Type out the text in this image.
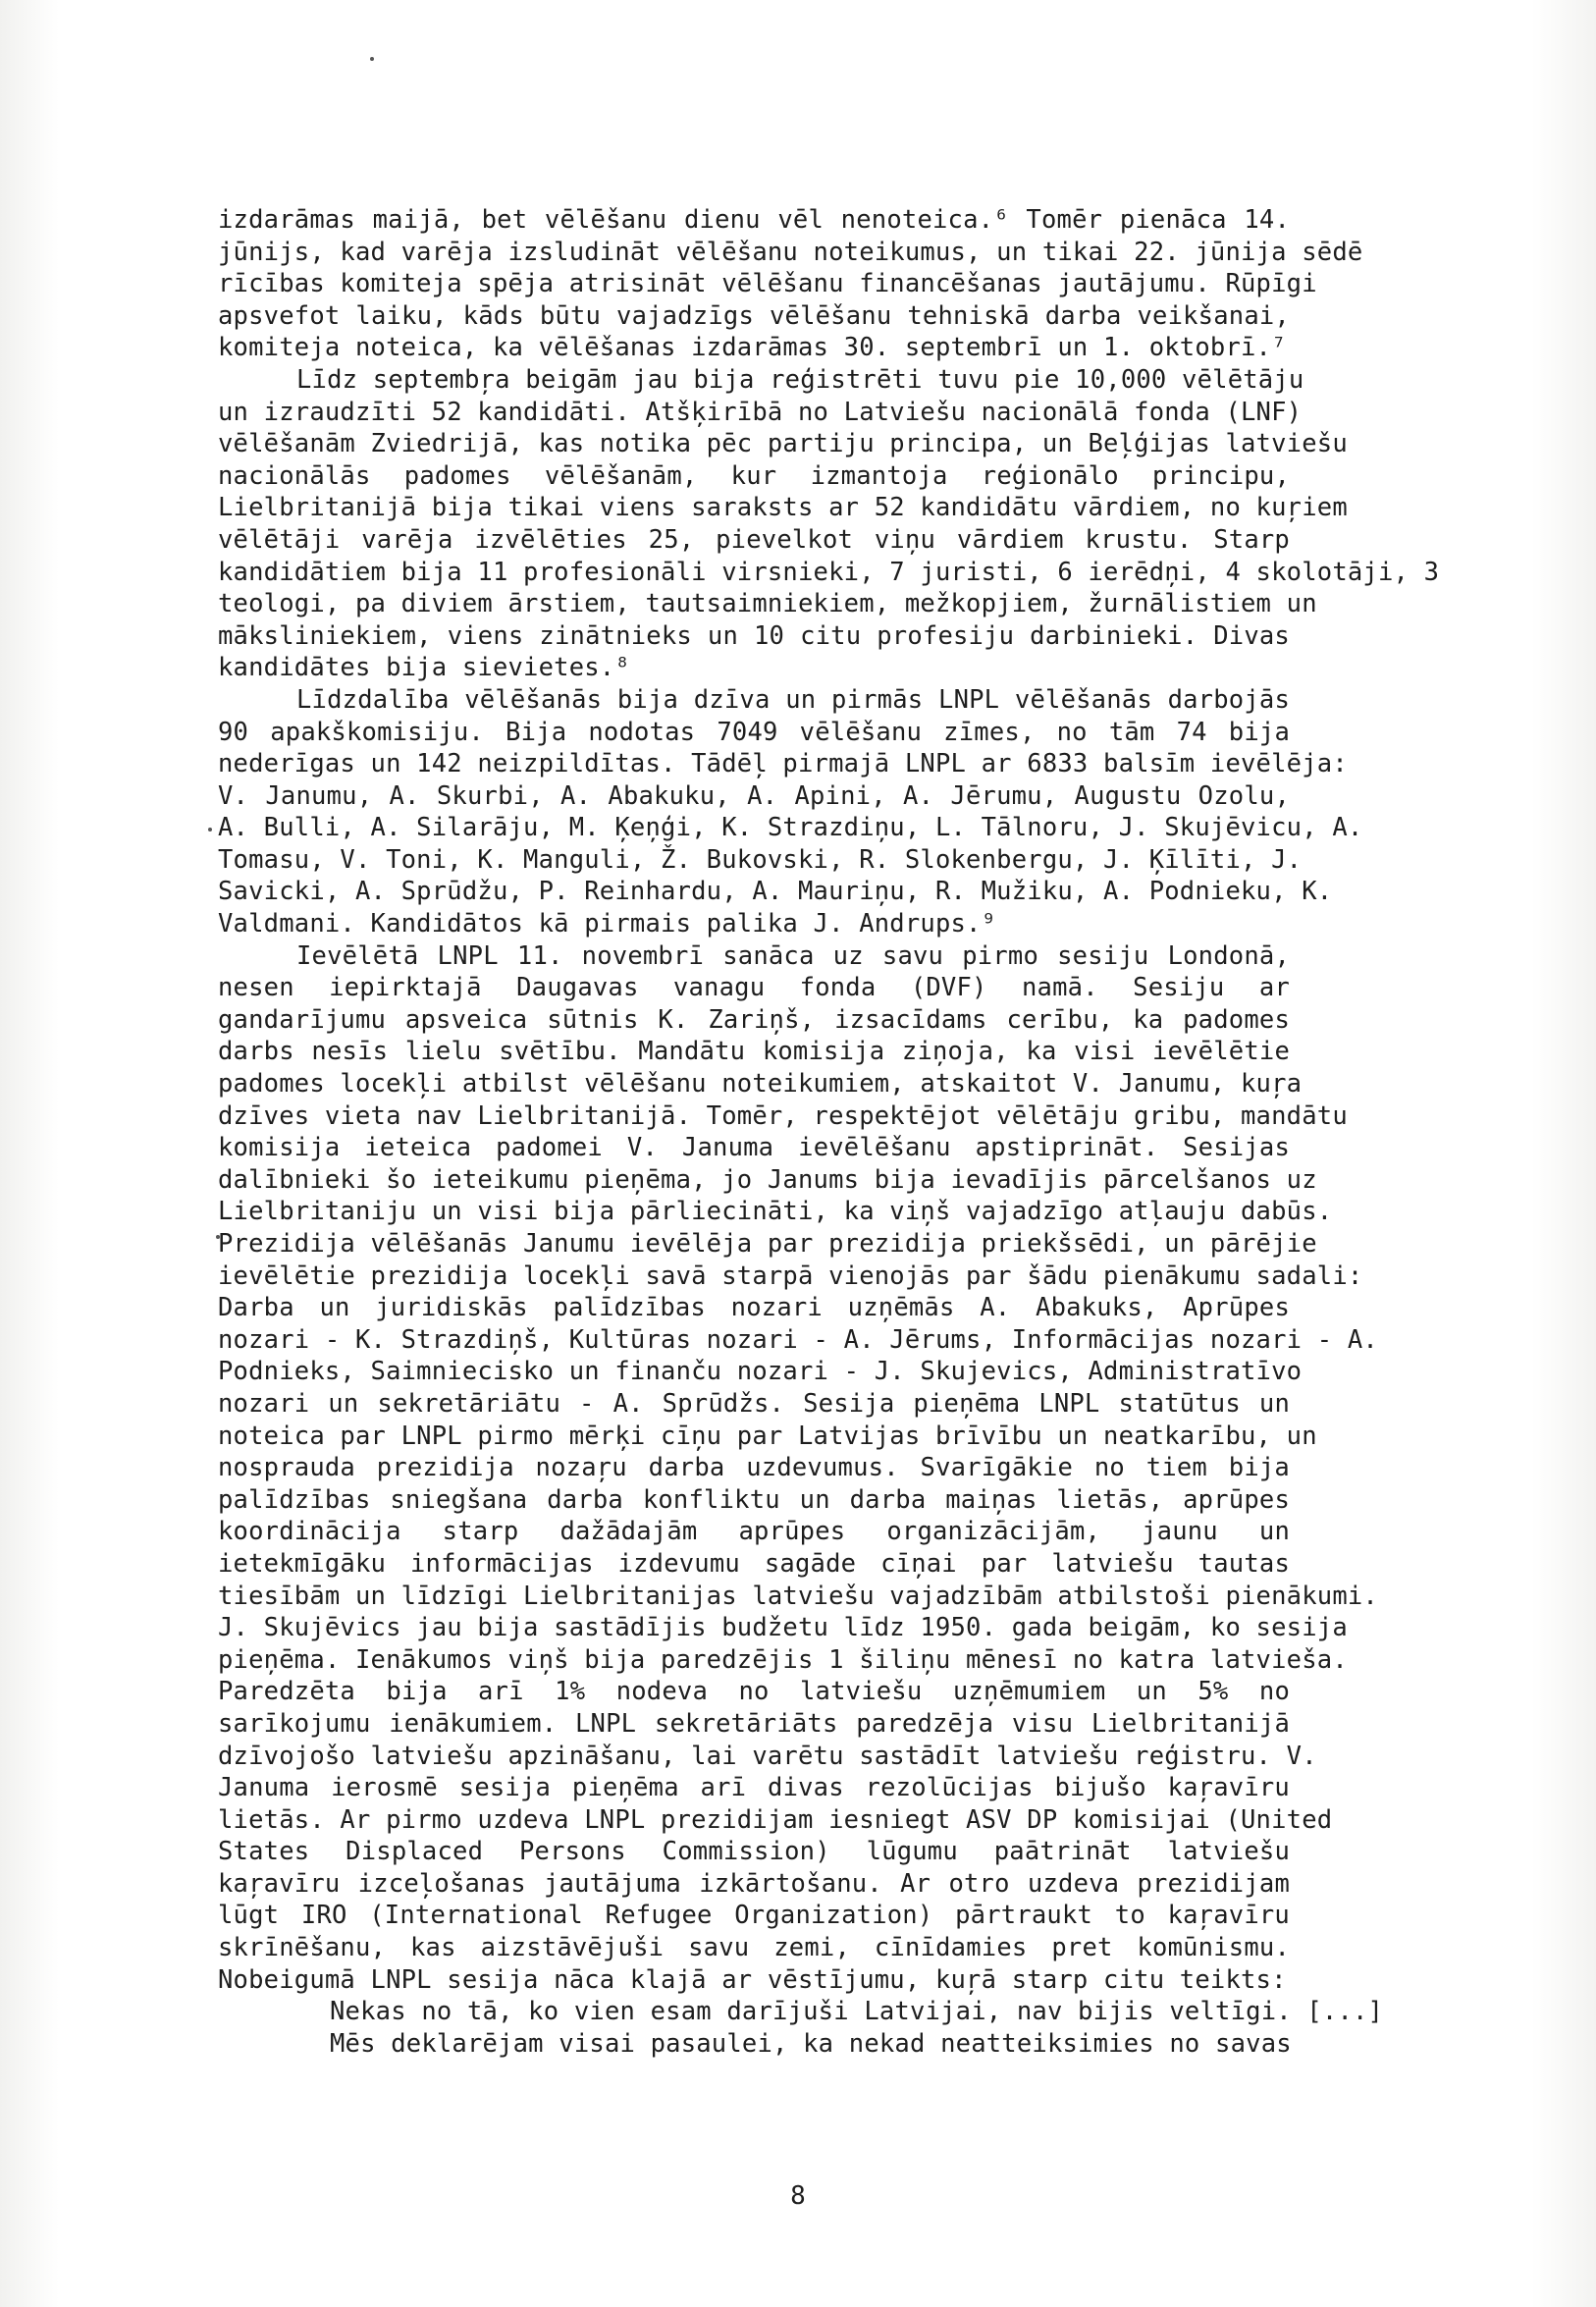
izdarāmas maijā, bet vēlēšanu dienu vēl nenoteica.⁶ Tomēr pienāca 14.
jūnijs, kad varēja izsludināt vēlēšanu noteikumus, un tikai 22. jūnija sēdē
rīcības komiteja spēja atrisināt vēlēšanu financēšanas jautājumu. Rūpīgi
apsvefot laiku, kāds būtu vajadzīgs vēlēšanu tehniskā darba veikšanai,
komiteja noteica, ka vēlēšanas izdarāmas 30. septembrī un 1. oktobrī.⁷

Līdz septembŗa beigām jau bija reģistrēti tuvu pie 10,000 vēlētāju
un izraudzīti 52 kandidāti. Atšķirībā no Latviešu nacionālā fonda (LNF)
vēlēšanām Zviedrijā, kas notika pēc partiju principa, un Beļģijas latviešu
nacionālās padomes vēlēšanām, kur izmantoja reģionālo principu,
Lielbritanijā bija tikai viens saraksts ar 52 kandidātu vārdiem, no kuŗiem
vēlētāji varēja izvēlēties 25, pievelkot viņu vārdiem krustu. Starp
kandidātiem bija 11 profesionāli virsnieki, 7 juristi, 6 ierēdņi, 4 skolotāji, 3
teologi, pa diviem ārstiem, tautsaimniekiem, mežkopjiem, žurnālistiem un
māksliniekiem, viens zinātnieks un 10 citu profesiju darbinieki. Divas
kandidātes bija sievietes.⁸

Līdzdalība vēlēšanās bija dzīva un pirmās LNPL vēlēšanās darbojās
90 apakškomisiju. Bija nodotas 7049 vēlēšanu zīmes, no tām 74 bija
nederīgas un 142 neizpildītas. Tādēļ pirmajā LNPL ar 6833 balsīm ievēlēja:
V. Janumu, A. Skurbi, A. Abakuku, A. Apini, A. Jērumu, Augustu Ozolu,
A. Bulli, A. Silarāju, M. Ķeņģi, K. Strazdiņu, L. Tālnoru, J. Skujēvicu, A.
Tomasu, V. Toni, K. Manguli, Ž. Bukovski, R. Slokenbergu, J. Ķīlīti, J.
Savicki, A. Sprūdžu, P. Reinhardu, A. Mauriņu, R. Mužiku, A. Podnieku, K.
Valdmani. Kandidātos kā pirmais palika J. Andrups.⁹

Ievēlētā LNPL 11. novembrī sanāca uz savu pirmo sesiju Londonā,
nesen iepirktajā Daugavas vanagu fonda (DVF) namā. Sesiju ar
gandarījumu apsveica sūtnis K. Zariņš, izsacīdams cerību, ka padomes
darbs nesīs lielu svētību. Mandātu komisija ziņoja, ka visi ievēlētie
padomes locekļi atbilst vēlēšanu noteikumiem, atskaitot V. Janumu, kuŗa
dzīves vieta nav Lielbritanijā. Tomēr, respektējot vēlētāju gribu, mandātu
komisija ieteica padomei V. Januma ievēlēšanu apstiprināt. Sesijas
dalībnieki šo ieteikumu pieņēma, jo Janums bija ievadījis pārcelšanos uz
Lielbritaniju un visi bija pārliecināti, ka viņš vajadzīgo atļauju dabūs.
Prezidija vēlēšanās Janumu ievēlēja par prezidija priekšsēdi, un pārējie
ievēlētie prezidija locekļi savā starpā vienojās par šādu pienākumu sadali:
Darba un juridiskās palīdzības nozari uzņēmās A. Abakuks, Aprūpes
nozari - K. Strazdiņš, Kultūras nozari - A. Jērums, Informācijas nozari - A.
Podnieks, Saimniecisko un finanču nozari - J. Skujevics, Administratīvo
nozari un sekretāriātu - A. Sprūdžs. Sesija pieņēma LNPL statūtus un
noteica par LNPL pirmo mērķi cīņu par Latvijas brīvību un neatkarību, un
nosprauda prezidija nozaŗu darba uzdevumus. Svarīgākie no tiem bija
palīdzības sniegšana darba konfliktu un darba maiņas lietās, aprūpes
koordinācija starp dažādajām aprūpes organizācijām, jaunu un
ietekmīgāku informācijas izdevumu sagāde cīņai par latviešu tautas
tiesībām un līdzīgi Lielbritanijas latviešu vajadzībām atbilstoši pienākumi.
J. Skujēvics jau bija sastādījis budžetu līdz 1950. gada beigām, ko sesija
pieņēma. Ienākumos viņš bija paredzējis 1 šiliņu mēnesī no katra latvieša.
Paredzēta bija arī 1% nodeva no latviešu uzņēmumiem un 5% no
sarīkojumu ienākumiem. LNPL sekretāriāts paredzēja visu Lielbritanijā
dzīvojošo latviešu apzināšanu, lai varētu sastādīt latviešu reģistru. V.
Januma ierosmē sesija pieņēma arī divas rezolūcijas bijušo kaŗavīru
lietās. Ar pirmo uzdeva LNPL prezidijam iesniegt ASV DP komisijai (United
States Displaced Persons Commission) lūgumu paātrināt latviešu
kaŗavīru izceļošanas jautājuma izkārtošanu. Ar otro uzdeva prezidijam
lūgt IRO (International Refugee Organization) pārtraukt to kaŗavīru
skrīnēšanu, kas aizstāvējuši savu zemi, cīnīdamies pret komūnismu.
Nobeigumā LNPL sesija nāca klajā ar vēstījumu, kuŗā starp citu teikts:

Nekas no tā, ko vien esam darījuši Latvijai, nav bijis veltīgi. [...]
Mēs deklarējam visai pasaulei, ka nekad neatteiksimies no savas

8
